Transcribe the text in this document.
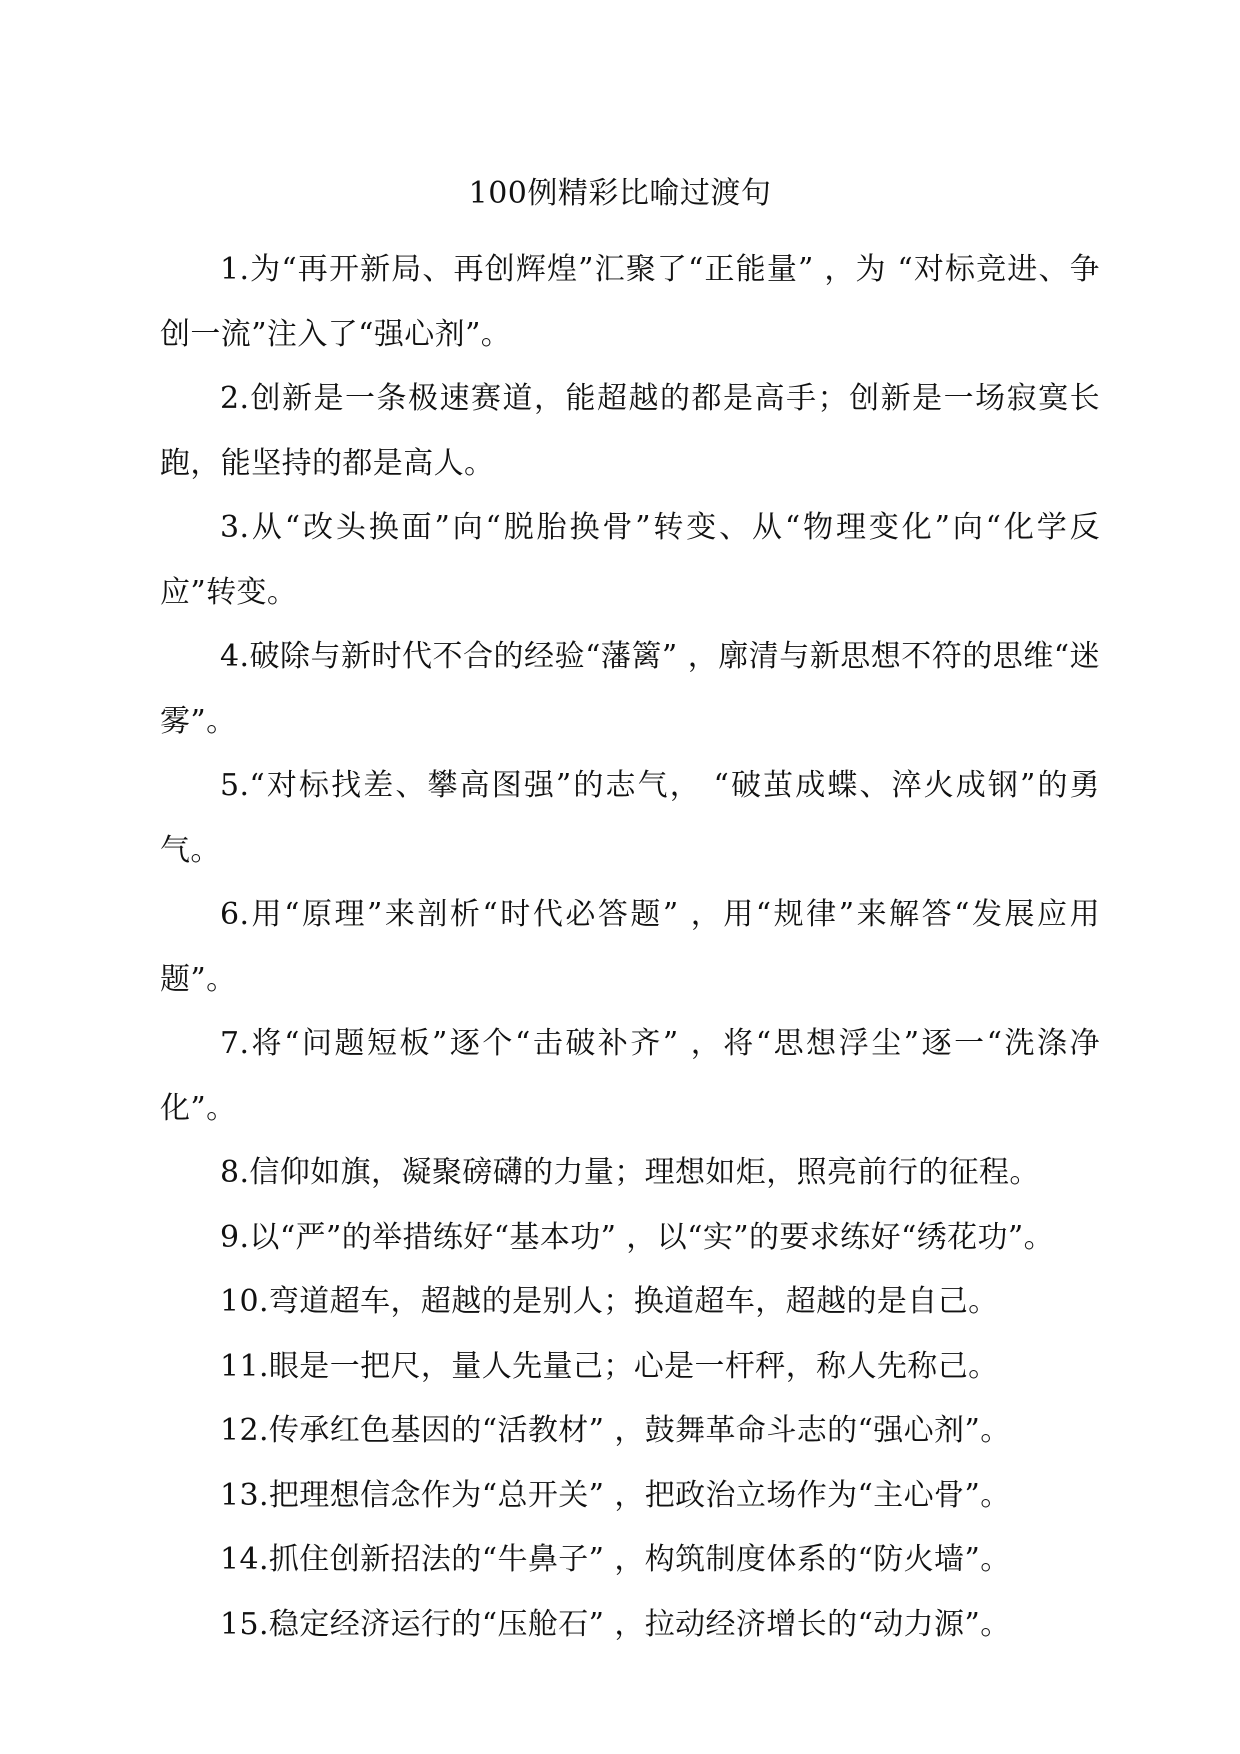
100例精彩比喻过渡句

1.为“再开新局、再创辉煌”汇聚了“正能量” ，为 “对标竞进、争创一流”注入了“强心剂”。

2.创新是一条极速赛道，能超越的都是高手；创新是一场寂寞长跑，能坚持的都是高人。

3.从“改头换面”向“脱胎换骨”转变、从“物理变化”向“化学反应”转变。

4.破除与新时代不合的经验“藩篱” ，廓清与新思想不符的思维“迷雾”。

5.“对标找差、攀高图强”的志气， “破茧成蝶、淬火成钢”的勇气。

6.用“原理”来剖析“时代必答题” ，用“规律”来解答“发展应用题”。

7.将“问题短板”逐个“击破补齐” ，将“思想浮尘”逐一“洗涤净化”。

8.信仰如旗，凝聚磅礴的力量；理想如炬，照亮前行的征程。

9.以“严”的举措练好“基本功” ，以“实”的要求练好“绣花功”。

10.弯道超车，超越的是别人；换道超车，超越的是自己。

11.眼是一把尺，量人先量己；心是一杆秤，称人先称己。

12.传承红色基因的“活教材” ，鼓舞革命斗志的“强心剂”。

13.把理想信念作为“总开关” ，把政治立场作为“主心骨”。

14.抓住创新招法的“牛鼻子” ，构筑制度体系的“防火墙”。

15.稳定经济运行的“压舱石” ，拉动经济增长的“动力源”。
